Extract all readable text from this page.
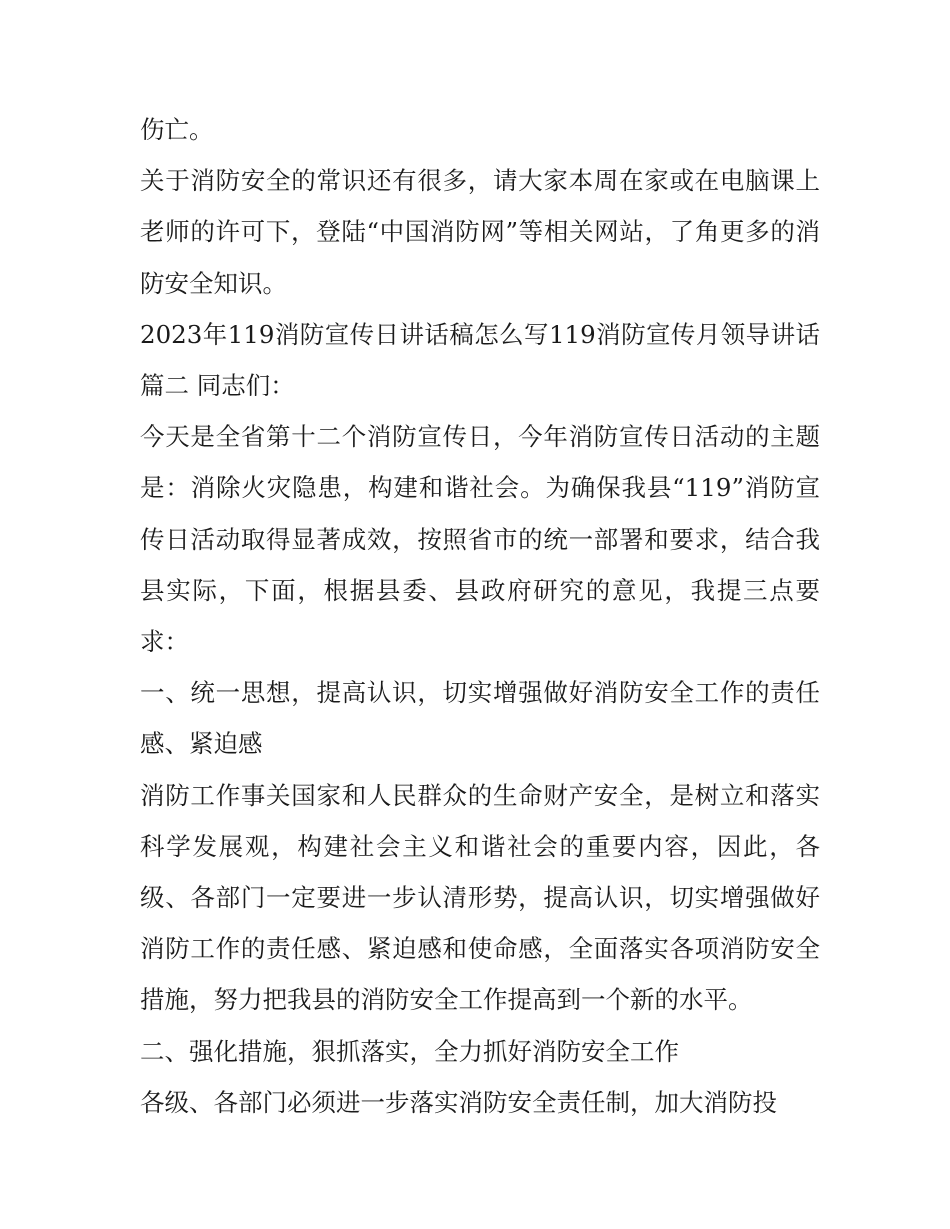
伤亡。

关于消防安全的常识还有很多，请大家本周在家或在电脑课上老师的许可下，登陆“中国消防网”等相关网站，了角更多的消防安全知识。

2023年119消防宣传日讲话稿怎么写119消防宣传月领导讲话篇二 同志们：

今天是全省第十二个消防宣传日，今年消防宣传日活动的主题是：消除火灾隐患，构建和谐社会。为确保我县“119”消防宣传日活动取得显著成效，按照省市的统一部署和要求，结合我县实际，下面，根据县委、县政府研究的意见，我提三点要求：

一、统一思想，提高认识，切实增强做好消防安全工作的责任感、紧迫感

消防工作事关国家和人民群众的生命财产安全，是树立和落实科学发展观，构建社会主义和谐社会的重要内容，因此，各级、各部门一定要进一步认清形势，提高认识，切实增强做好消防工作的责任感、紧迫感和使命感，全面落实各项消防安全措施，努力把我县的消防安全工作提高到一个新的水平。

二、强化措施，狠抓落实，全力抓好消防安全工作

各级、各部门必须进一步落实消防安全责任制，加大消防投
